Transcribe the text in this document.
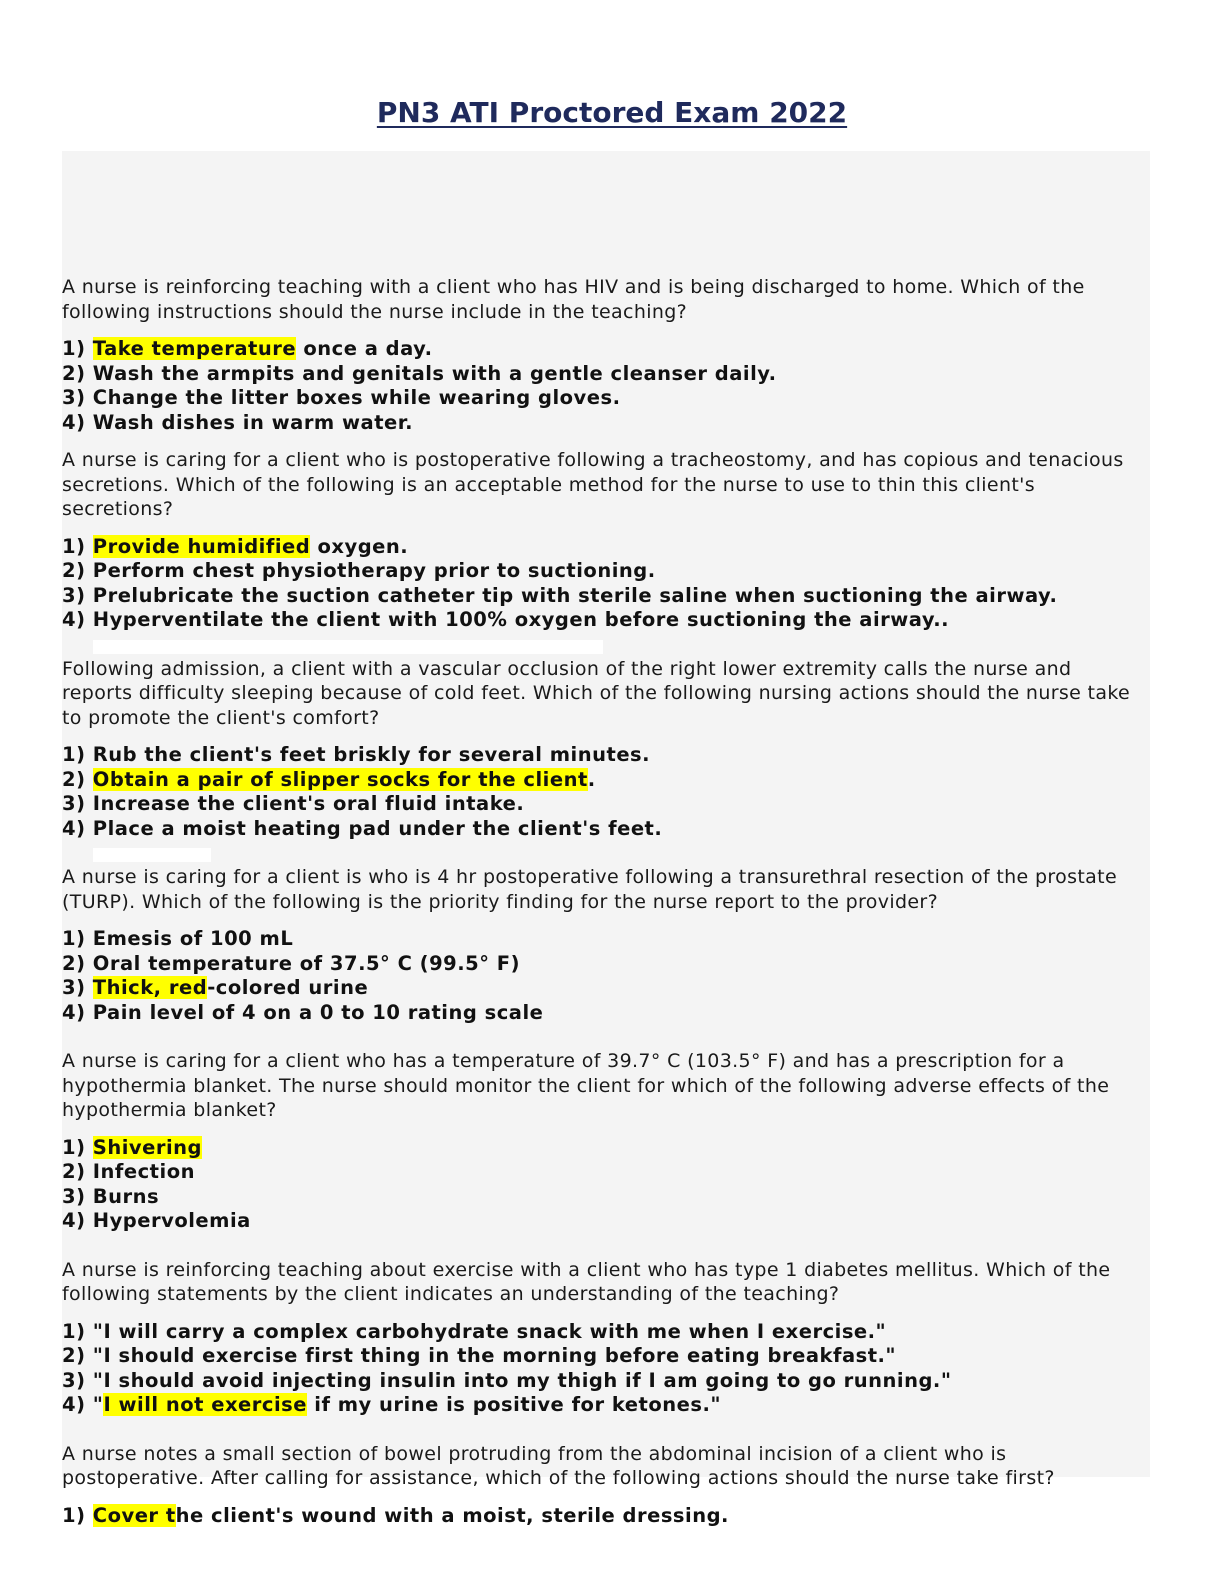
PN3 ATI Proctored Exam 2022

A nurse is reinforcing teaching with a client who has HIV and is being discharged to home. Which of the following instructions should the nurse include in the teaching?

1) Take temperature once a day.
2) Wash the armpits and genitals with a gentle cleanser daily.
3) Change the litter boxes while wearing gloves.
4) Wash dishes in warm water.

A nurse is caring for a client who is postoperative following a tracheostomy, and has copious and tenacious secretions. Which of the following is an acceptable method for the nurse to use to thin this client's secretions?

1) Provide humidified oxygen.
2) Perform chest physiotherapy prior to suctioning.
3) Prelubricate the suction catheter tip with sterile saline when suctioning the airway.
4) Hyperventilate the client with 100% oxygen before suctioning the airway..

Following admission, a client with a vascular occlusion of the right lower extremity calls the nurse and reports difficulty sleeping because of cold feet. Which of the following nursing actions should the nurse take to promote the client's comfort?

1) Rub the client's feet briskly for several minutes.
2) Obtain a pair of slipper socks for the client.
3) Increase the client's oral fluid intake.
4) Place a moist heating pad under the client's feet.

A nurse is caring for a client is who is 4 hr postoperative following a transurethral resection of the prostate (TURP). Which of the following is the priority finding for the nurse report to the provider?

1) Emesis of 100 mL
2) Oral temperature of 37.5° C (99.5° F)
3) Thick, red-colored urine
4) Pain level of 4 on a 0 to 10 rating scale

A nurse is caring for a client who has a temperature of 39.7° C (103.5° F) and has a prescription for a hypothermia blanket. The nurse should monitor the client for which of the following adverse effects of the hypothermia blanket?

1) Shivering
2) Infection
3) Burns
4) Hypervolemia

A nurse is reinforcing teaching about exercise with a client who has type 1 diabetes mellitus. Which of the following statements by the client indicates an understanding of the teaching?

1) "I will carry a complex carbohydrate snack with me when I exercise."
2) "I should exercise first thing in the morning before eating breakfast."
3) "I should avoid injecting insulin into my thigh if I am going to go running."
4) "I will not exercise if my urine is positive for ketones."

A nurse notes a small section of bowel protruding from the abdominal incision of a client who is postoperative. After calling for assistance, which of the following actions should the nurse take first?

1) Cover the client's wound with a moist, sterile dressing.
